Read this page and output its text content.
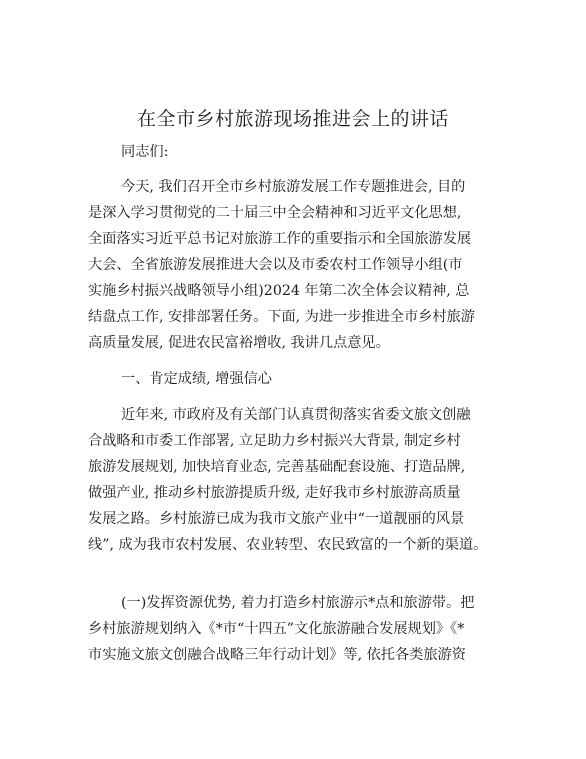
在全市乡村旅游现场推进会上的讲话
同志们:
今天, 我们召开全市乡村旅游发展工作专题推进会, 目的
是深入学习贯彻党的二十届三中全会精神和习近平文化思想,
全面落实习近平总书记对旅游工作的重要指示和全国旅游发展
大会、全省旅游发展推进大会以及市委农村工作领导小组(市
实施乡村振兴战略领导小组)2024 年第二次全体会议精神, 总
结盘点工作, 安排部署任务。下面, 为进一步推进全市乡村旅游
高质量发展, 促进农民富裕增收, 我讲几点意见。
一、肯定成绩, 增强信心
近年来, 市政府及有关部门认真贯彻落实省委文旅文创融
合战略和市委工作部署, 立足助力乡村振兴大背景, 制定乡村
旅游发展规划, 加快培育业态, 完善基础配套设施、打造品牌,
做强产业, 推动乡村旅游提质升级, 走好我市乡村旅游高质量
发展之路。乡村旅游已成为我市文旅产业中“一道靓丽的风景
线”, 成为我市农村发展、农业转型、农民致富的一个新的渠道。
(一)发挥资源优势, 着力打造乡村旅游示*点和旅游带。把
乡村旅游规划纳入《*市“十四五”文化旅游融合发展规划》《*
市实施文旅文创融合战略三年行动计划》等, 依托各类旅游资
